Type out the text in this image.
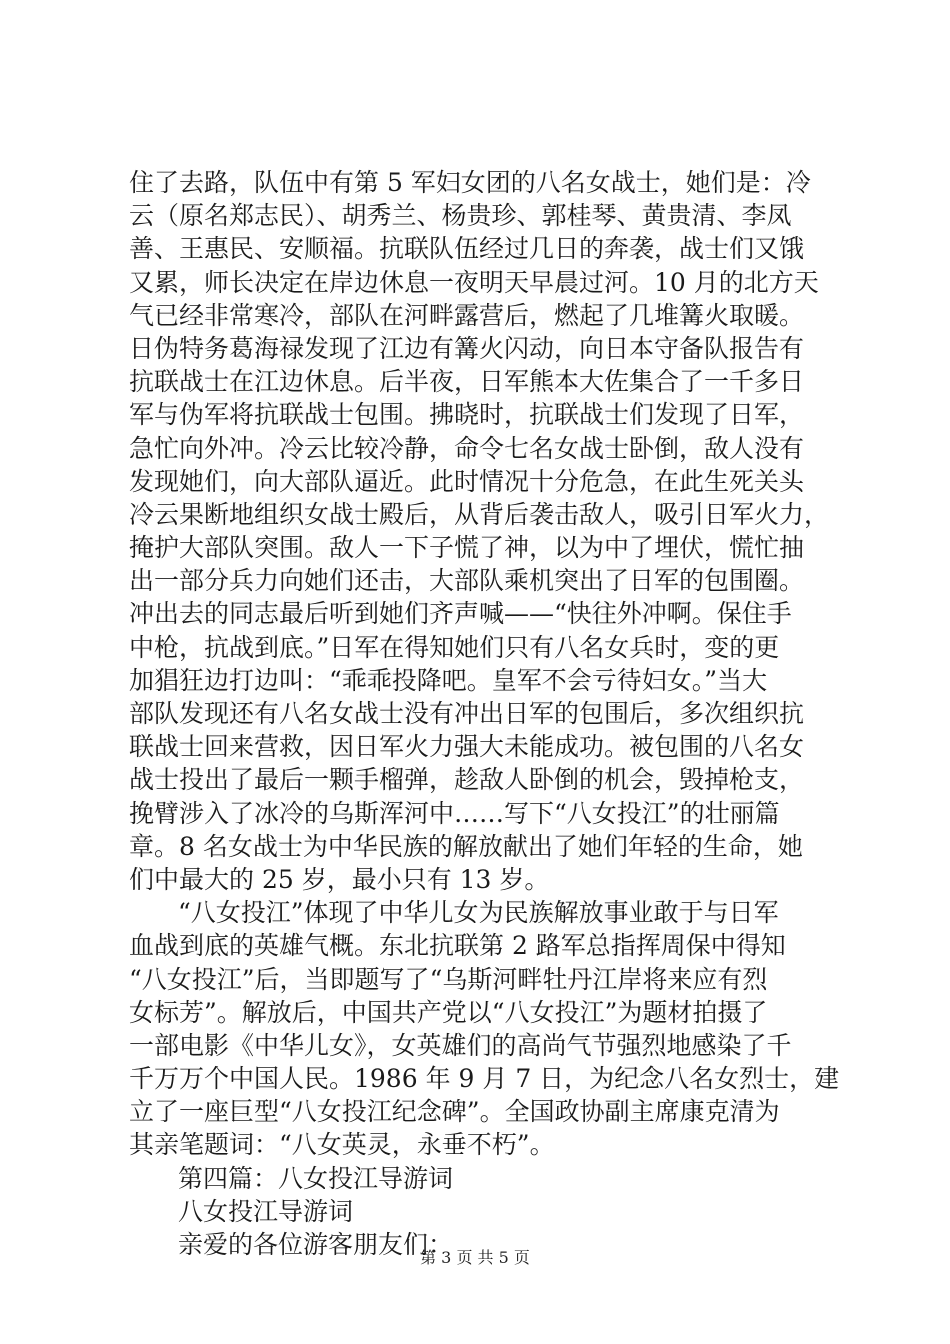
住了去路，队伍中有第 5 军妇女团的八名女战士，她们是：冷
云（原名郑志民）、胡秀兰、杨贵珍、郭桂琴、黄贵清、李凤
善、王惠民、安顺福。抗联队伍经过几日的奔袭，战士们又饿
又累，师长决定在岸边休息一夜明天早晨过河。10 月的北方天
气已经非常寒冷，部队在河畔露营后，燃起了几堆篝火取暖。
日伪特务葛海禄发现了江边有篝火闪动，向日本守备队报告有
抗联战士在江边休息。后半夜，日军熊本大佐集合了一千多日
军与伪军将抗联战士包围。拂晓时，抗联战士们发现了日军，
急忙向外冲。冷云比较冷静，命令七名女战士卧倒，敌人没有
发现她们，向大部队逼近。此时情况十分危急，在此生死关头
冷云果断地组织女战士殿后，从背后袭击敌人，吸引日军火力，
掩护大部队突围。敌人一下子慌了神，以为中了埋伏，慌忙抽
出一部分兵力向她们还击，大部队乘机突出了日军的包围圈。
冲出去的同志最后听到她们齐声喊——“快往外冲啊。保住手
中枪，抗战到底。”日军在得知她们只有八名女兵时，变的更
加猖狂边打边叫：“乖乖投降吧。皇军不会亏待妇女。”当大
部队发现还有八名女战士没有冲出日军的包围后，多次组织抗
联战士回来营救，因日军火力强大未能成功。被包围的八名女
战士投出了最后一颗手榴弹，趁敌人卧倒的机会，毁掉枪支，
挽臂涉入了冰冷的乌斯浑河中……写下“八女投江”的壮丽篇
章。8 名女战士为中华民族的解放献出了她们年轻的生命，她
们中最大的 25 岁，最小只有 13 岁。
“八女投江”体现了中华儿女为民族解放事业敢于与日军
血战到底的英雄气概。东北抗联第 2 路军总指挥周保中得知
“八女投江”后，当即题写了“乌斯河畔牡丹江岸将来应有烈
女标芳”。解放后，中国共产党以“八女投江”为题材拍摄了
一部电影《中华儿女》，女英雄们的高尚气节强烈地感染了千
千万万个中国人民。1986 年 9 月 7 日，为纪念八名女烈士，建
立了一座巨型“八女投江纪念碑”。全国政协副主席康克清为
其亲笔题词：“八女英灵，永垂不朽”。
第四篇：八女投江导游词
八女投江导游词
亲爱的各位游客朋友们：
第 3 页 共 5 页
